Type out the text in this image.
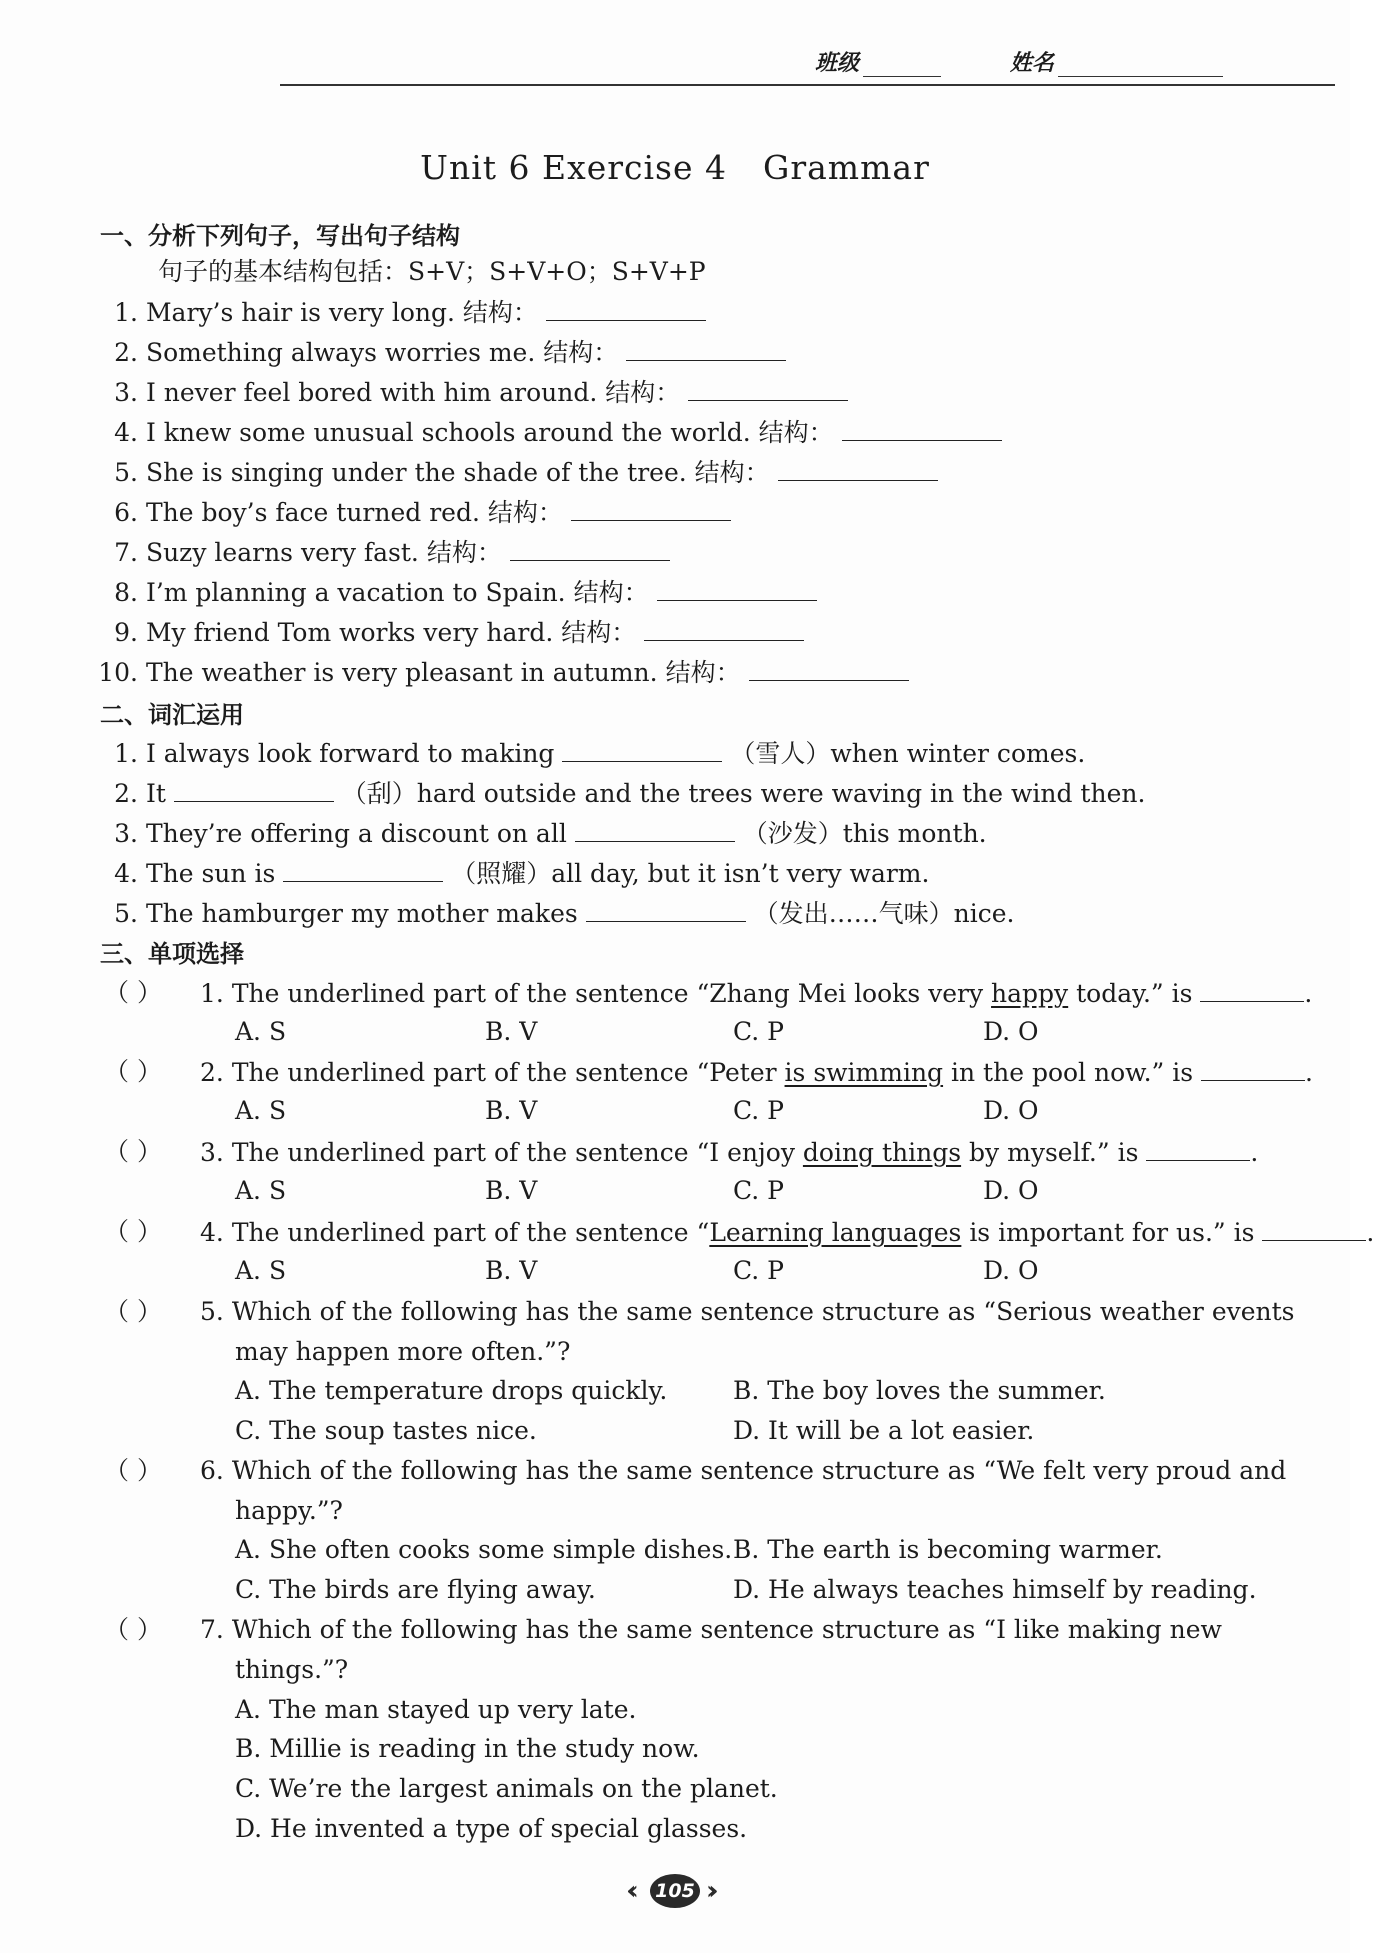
班级	姓名
Unit 6 Exercise 4 Grammar
一、分析下列句子，写出句子结构
句子的基本结构包括：S+V；S+V+O；S+V+P
1. Mary’s hair is very long. 结构：
2. Something always worries me. 结构：
3. I never feel bored with him around. 结构：
4. I knew some unusual schools around the world. 结构：
5. She is singing under the shade of the tree. 结构：
6. The boy’s face turned red. 结构：
7. Suzy learns very fast. 结构：
8. I’m planning a vacation to Spain. 结构：
9. My friend Tom works very hard. 结构：
10. The weather is very pleasant in autumn. 结构：
二、词汇运用
1. I always look forward to making	（雪人）when winter comes.
2. It	（刮）hard outside and the trees were waving in the wind then.
3. They’re offering a discount on all	（沙发）this month.
4. The sun is	（照耀）all day, but it isn’t very warm.
5. The hamburger my mother makes	（发出……气味）nice.
三、单项选择
（ ） 1. The underlined part of the sentence “Zhang Mei looks very happy today.” is	.
A. S	B. V	C. P	D. O
（ ） 2. The underlined part of the sentence “Peter is swimming in the pool now.” is	.
A. S	B. V	C. P	D. O
（ ） 3. The underlined part of the sentence “I enjoy doing things by myself.” is	.
A. S	B. V	C. P	D. O
（ ） 4. The underlined part of the sentence “Learning languages is important for us.” is	.
A. S	B. V	C. P	D. O
（ ） 5. Which of the following has the same sentence structure as “Serious weather events
may happen more often.”?
A. The temperature drops quickly.	B. The boy loves the summer.
C. The soup tastes nice.	D. It will be a lot easier.
（ ） 6. Which of the following has the same sentence structure as “We felt very proud and
happy.”?
A. She often cooks some simple dishes. B. The earth is becoming warmer.
C. The birds are flying away.	D. He always teaches himself by reading.
（ ） 7. Which of the following has the same sentence structure as “I like making new
things.”?
A. The man stayed up very late.
B. Millie is reading in the study now.
C. We’re the largest animals on the planet.
D. He invented a type of special glasses.
‹‹ 105 ››
